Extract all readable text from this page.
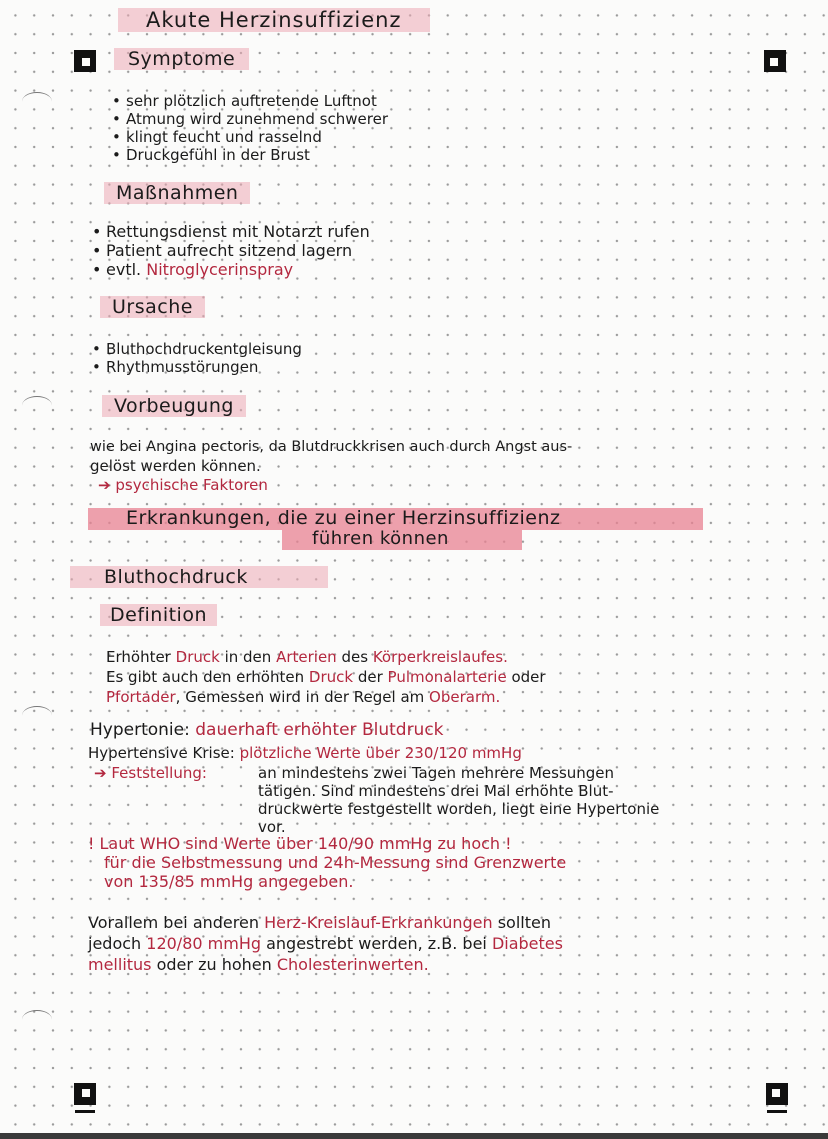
Akute Herzinsuffizienz
Symptome
• sehr plötzlich auftretende Luftnot
• Atmung wird zunehmend schwerer
• klingt feucht und rasselnd
• Druckgefühl in der Brust
Maßnahmen
• Rettungsdienst mit Notarzt rufen
• Patient aufrecht sitzend lagern
• evtl. Nitroglycerinspray
Ursache
• Bluthochdruckentgleisung
• Rhythmusstörungen
Vorbeugung
wie bei Angina pectoris, da Blutdruckkrisen auch durch Angst aus-
gelöst werden können.
➔ psychische Faktoren
Erkrankungen, die zu einer Herzinsuffizienz
führen können
Bluthochdruck
Definition
Erhöhter Druck in den Arterien des Körperkreislaufes.
Es gibt auch den erhöhten Druck der Pulmonalarterie oder
Pfortader, Gemessen wird in der Regel am Oberarm.
Hypertonie: dauerhaft erhöhter Blutdruck
Hypertensive Krise: plötzliche Werte über 230/120 mmHg
➔ Feststellung:	an mindestens zwei Tagen mehrere Messungen
tätigen. Sind mindestens drei Mal erhöhte Blut-
druckwerte festgestellt worden, liegt eine Hypertonie
vor.
! Laut WHO sind Werte über 140/90 mmHg zu hoch !
für die Selbstmessung und 24h-Messung sind Grenzwerte
von 135/85 mmHg angegeben.
Vorallem bei anderen Herz-Kreislauf-Erkrankungen sollten
jedoch 120/80 mmHg angestrebt werden, z.B. bei Diabetes
mellitus oder zu hohen Cholesterinwerten.
